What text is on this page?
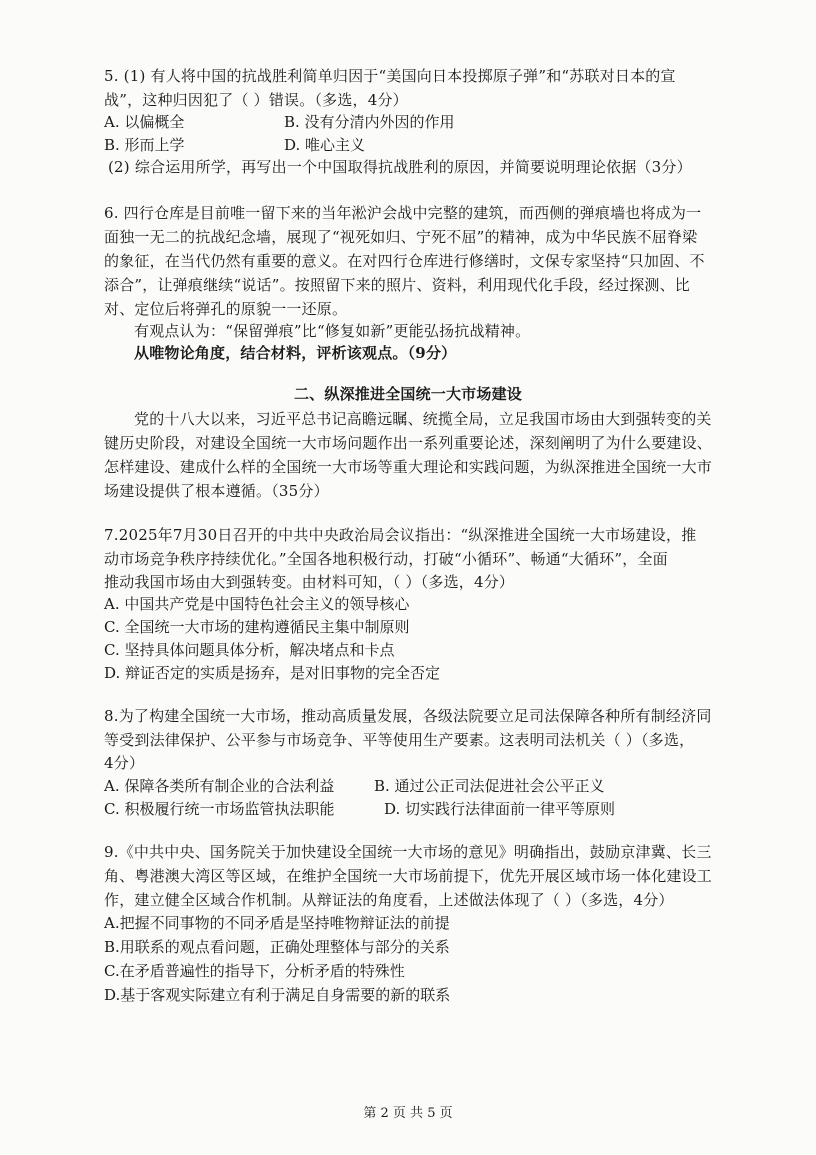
5. (1) 有人将中国的抗战胜利简单归因于“美国向日本投掷原子弹”和“苏联对日本的宣
战”，这种归因犯了（ ）错误。（多选，4分）
A. 以偏概全	B. 没有分清内外因的作用
B. 形而上学	D. 唯心主义
(2) 综合运用所学，再写出一个中国取得抗战胜利的原因，并简要说明理论依据（3分）
6. 四行仓库是目前唯一留下来的当年淞沪会战中完整的建筑，而西侧的弹痕墙也将成为一
面独一无二的抗战纪念墙，展现了“视死如归、宁死不屈”的精神，成为中华民族不屈脊梁
的象征，在当代仍然有重要的意义。在对四行仓库进行修缮时，文保专家坚持“只加固、不
添合”，让弹痕继续“说话”。按照留下来的照片、资料，利用现代化手段，经过探测、比
对、定位后将弹孔的原貌一一还原。
有观点认为：“保留弹痕”比“修复如新”更能弘扬抗战精神。
从唯物论角度，结合材料，评析该观点。（9分）
二、纵深推进全国统一大市场建设
党的十八大以来，习近平总书记高瞻远瞩、统揽全局，立足我国市场由大到强转变的关
键历史阶段，对建设全国统一大市场问题作出一系列重要论述，深刻阐明了为什么要建设、
怎样建设、建成什么样的全国统一大市场等重大理论和实践问题，为纵深推进全国统一大市
场建设提供了根本遵循。（35分）
7.2025年7月30日召开的中共中央政治局会议指出：“纵深推进全国统一大市场建设，推
动市场竞争秩序持续优化。”全国各地积极行动，打破“小循环”、畅通“大循环”，全面
推动我国市场由大到强转变。由材料可知，（ ）（多选，4分）
A. 中国共产党是中国特色社会主义的领导核心
C. 全国统一大市场的建构遵循民主集中制原则
C. 坚持具体问题具体分析，解决堵点和卡点
D. 辩证否定的实质是扬弃，是对旧事物的完全否定
8.为了构建全国统一大市场，推动高质量发展，各级法院要立足司法保障各种所有制经济同
等受到法律保护、公平参与市场竞争、平等使用生产要素。这表明司法机关（ ）（多选，
4分）
A. 保障各类所有制企业的合法利益	B. 通过公正司法促进社会公平正义
C. 积极履行统一市场监管执法职能	D. 切实践行法律面前一律平等原则
9.《中共中央、国务院关于加快建设全国统一大市场的意见》明确指出，鼓励京津冀、长三
角、粤港澳大湾区等区域，在维护全国统一大市场前提下，优先开展区域市场一体化建设工
作，建立健全区域合作机制。从辩证法的角度看，上述做法体现了（ ）（多选，4分）
A.把握不同事物的不同矛盾是坚持唯物辩证法的前提
B.用联系的观点看问题，正确处理整体与部分的关系
C.在矛盾普遍性的指导下，分析矛盾的特殊性
D.基于客观实际建立有利于满足自身需要的新的联系
第 2 页 共 5 页
